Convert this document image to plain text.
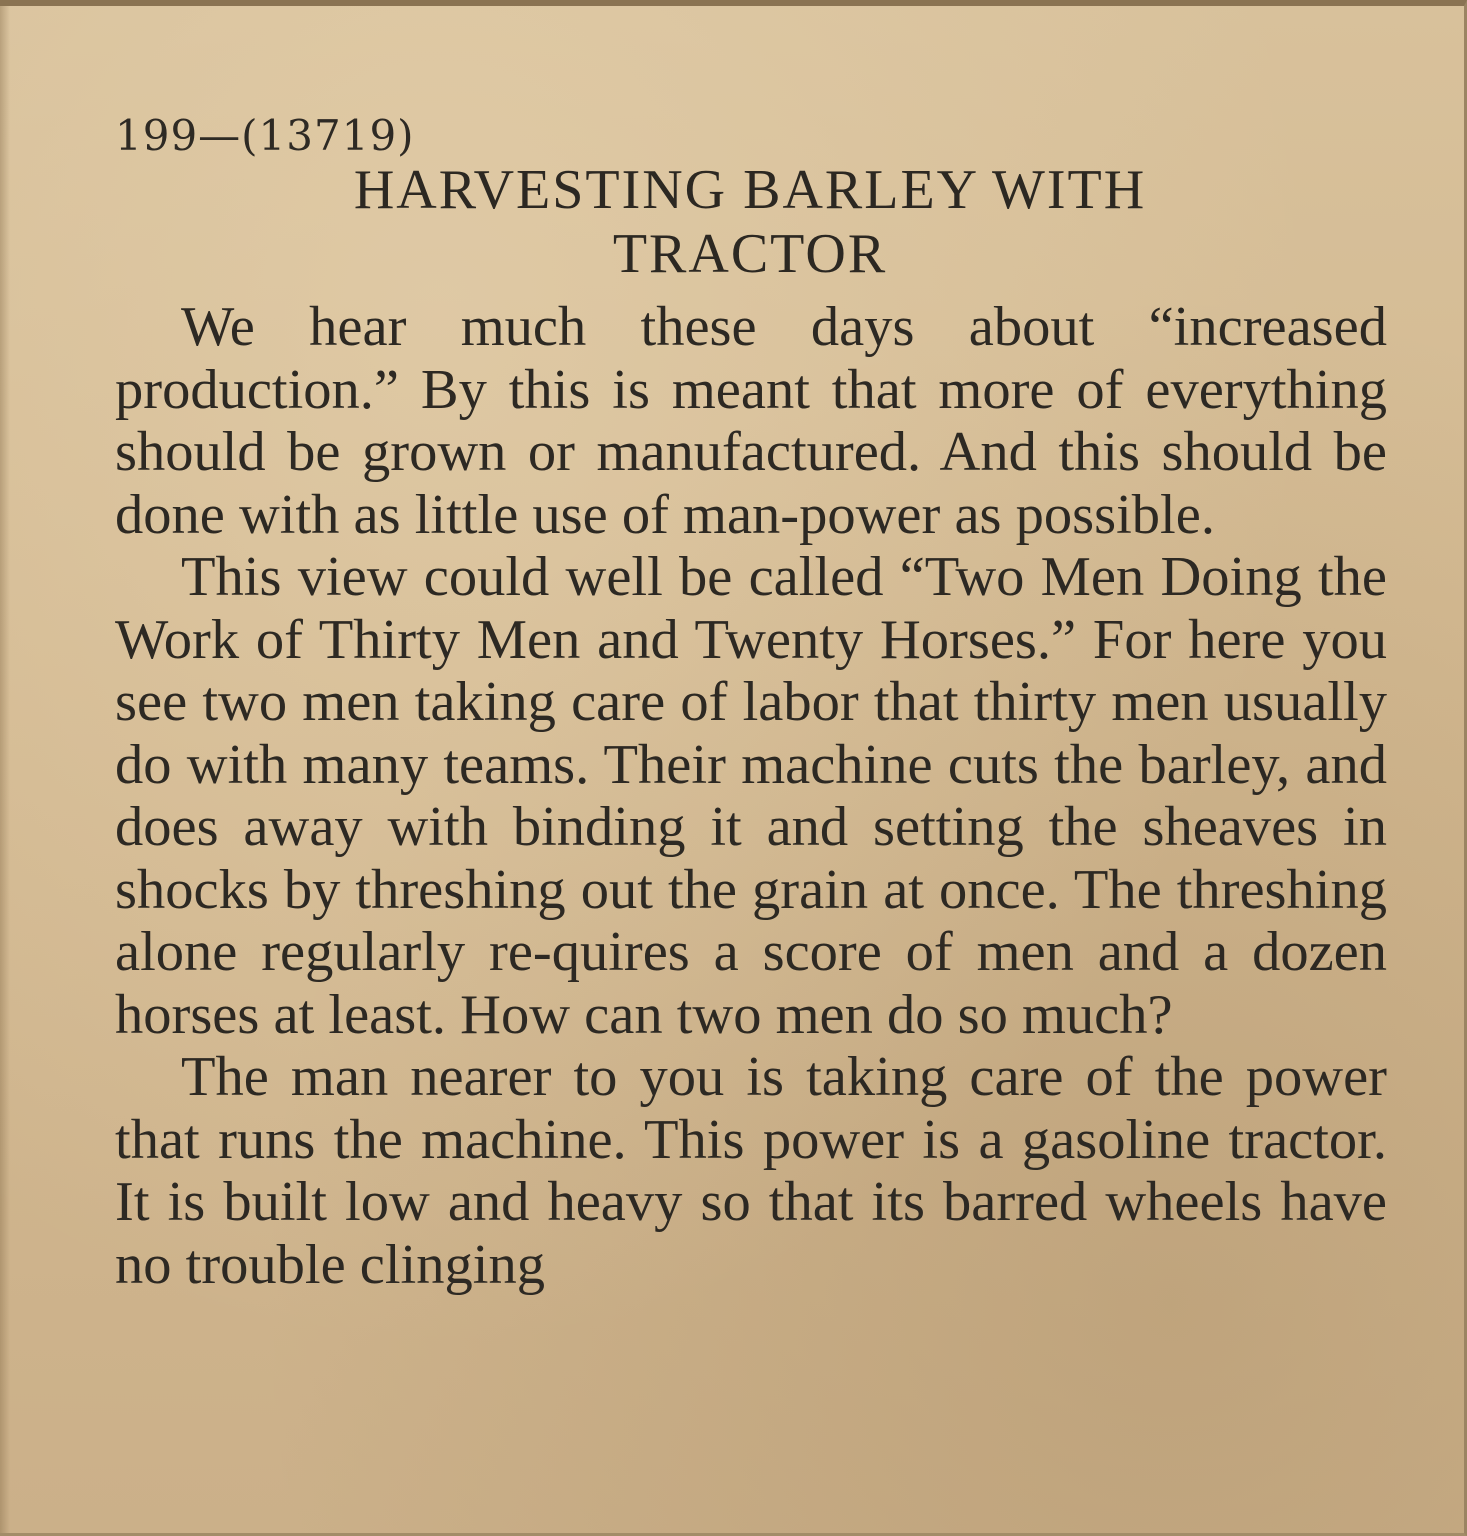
199—(13719)
HARVESTING BARLEY WITH
TRACTOR

We hear much these days about “increased production.” By this is meant that more of everything should be grown or manufactured. And this should be done with as little use of man-power as possible.

This view could well be called “Two Men Doing the Work of Thirty Men and Twenty Horses.” For here you see two men taking care of labor that thirty men usually do with many teams. Their machine cuts the barley, and does away with binding it and setting the sheaves in shocks by threshing out the grain at once. The threshing alone regularly re-quires a score of men and a dozen horses at least. How can two men do so much?

The man nearer to you is taking care of the power that runs the machine. This power is a gasoline tractor. It is built low and heavy so that its barred wheels have no trouble clinging
